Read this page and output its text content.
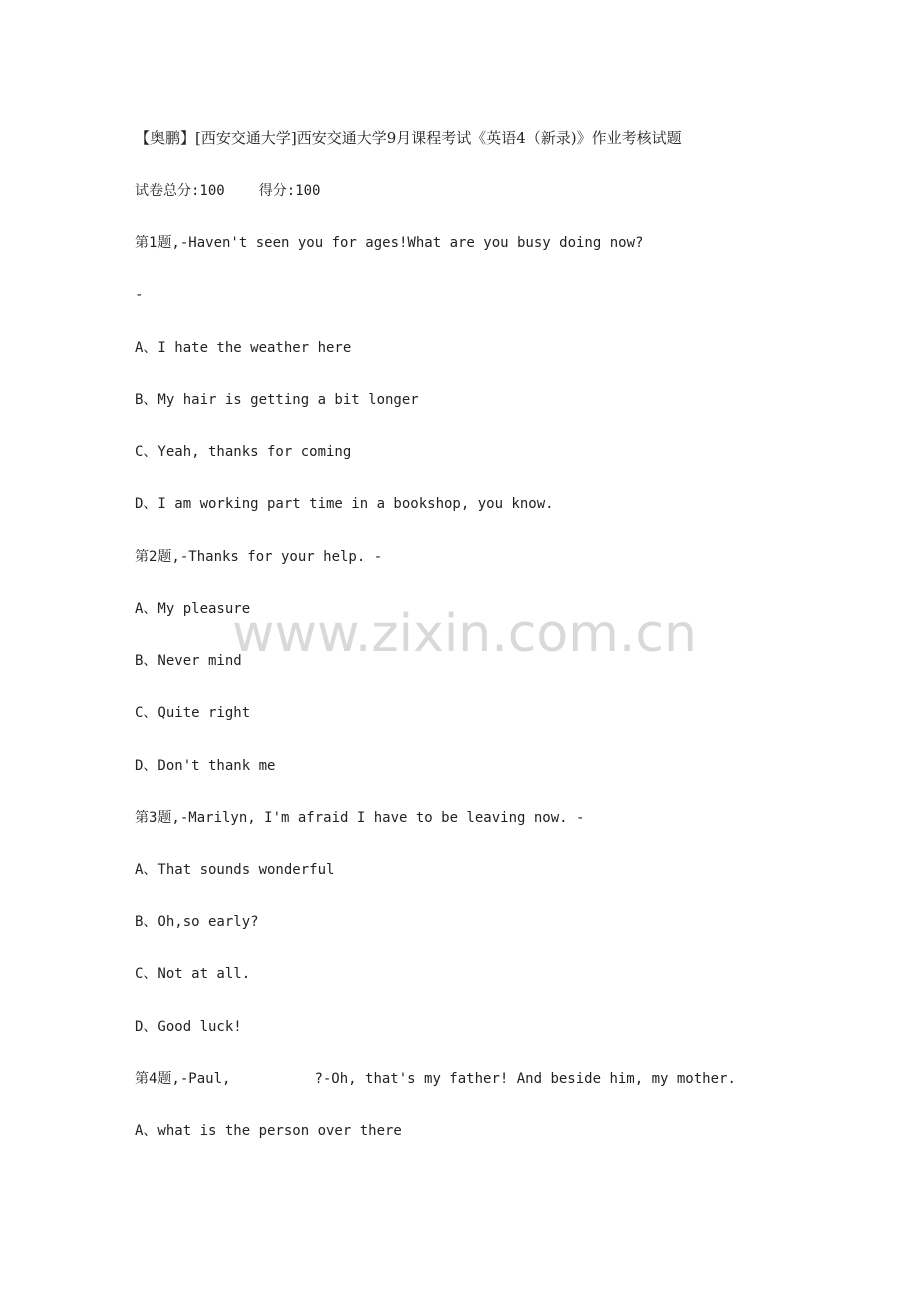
【奥鹏】[西安交通大学]西安交通大学9月课程考试《英语4（新录)》作业考核试题
试卷总分:100 得分:100
第1题,-Haven't seen you for ages!What are you busy doing now?
-
A、I hate the weather here
B、My hair is getting a bit longer
C、Yeah, thanks for coming
D、I am working part time in a bookshop, you know.
第2题,-Thanks for your help. -
A、My pleasure
B、Never mind
C、Quite right
D、Don't thank me
第3题,-Marilyn, I'm afraid I have to be leaving now. -
A、That sounds wonderful
B、Oh,so early?
C、Not at all.
D、Good luck!
第4题,-Paul,	?-Oh, that's my father! And beside him, my mother.
A、what is the person over there
www.zixin.com.cn
